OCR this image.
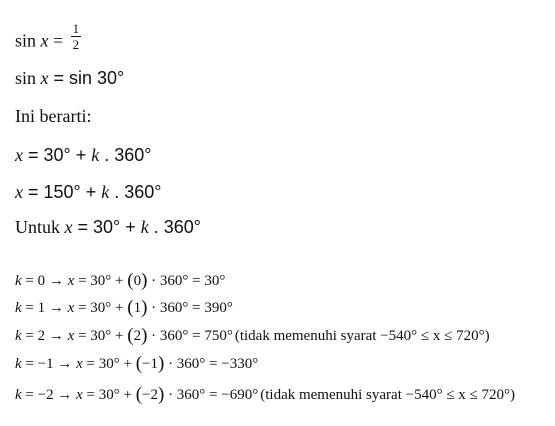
$\sin x = \frac{1}{2}$
sin x = sin 30°
Ini berarti:
x = 30° + k . 360°
x = 150° + k . 360°
Untuk x = 30° + k . 360°
k = 0 → x = 30° + (0) · 360° = 30°
k = 1 → x = 30° + (1) · 360° = 390°
k = 2 → x = 30° + (2) · 360° = 750° (tidak memenuhi syarat −540° ≤ x ≤ 720°)
k = −1 → x = 30° + (−1) · 360° = −330°
k = −2 → x = 30° + (−2) · 360° = −690° (tidak memenuhi syarat −540° ≤ x ≤ 720°)
